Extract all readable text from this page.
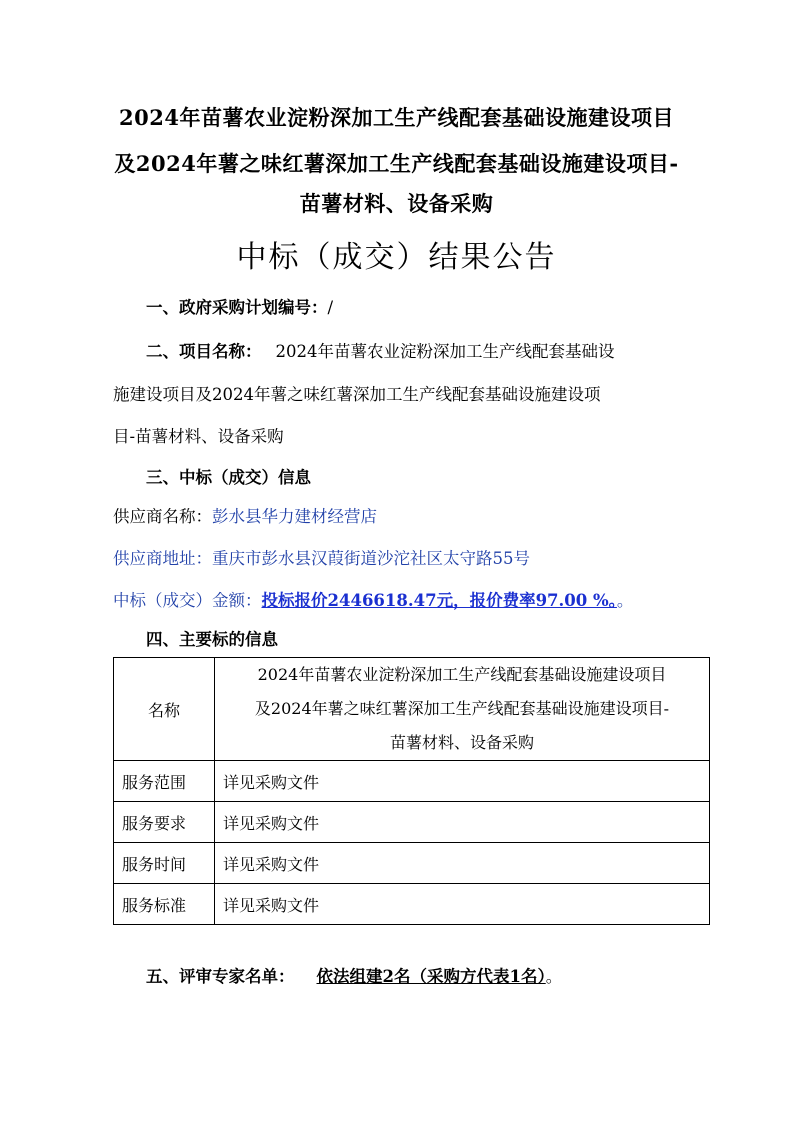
2024年苗薯农业淀粉深加工生产线配套基础设施建设项目
及2024年薯之味红薯深加工生产线配套基础设施建设项目-
苗薯材料、设备采购
中标（成交）结果公告
一、政府采购计划编号：/
二、项目名称： 2024年苗薯农业淀粉深加工生产线配套基础设
施建设项目及2024年薯之味红薯深加工生产线配套基础设施建设项
目-苗薯材料、设备采购
三、中标（成交）信息
供应商名称：彭水县华力建材经营店
供应商地址：重庆市彭水县汉葭街道沙沱社区太守路55号
中标（成交）金额：投标报价2446618.47元，报价费率97.00 %。。
四、主要标的信息
名称	2024年苗薯农业淀粉深加工生产线配套基础设施建设项目
及2024年薯之味红薯深加工生产线配套基础设施建设项目-
苗薯材料、设备采购

服务范围	详见采购文件
服务要求	详见采购文件
服务时间	详见采购文件
服务标准	详见采购文件
五、评审专家名单： 依法组建2名（采购方代表1名）。
